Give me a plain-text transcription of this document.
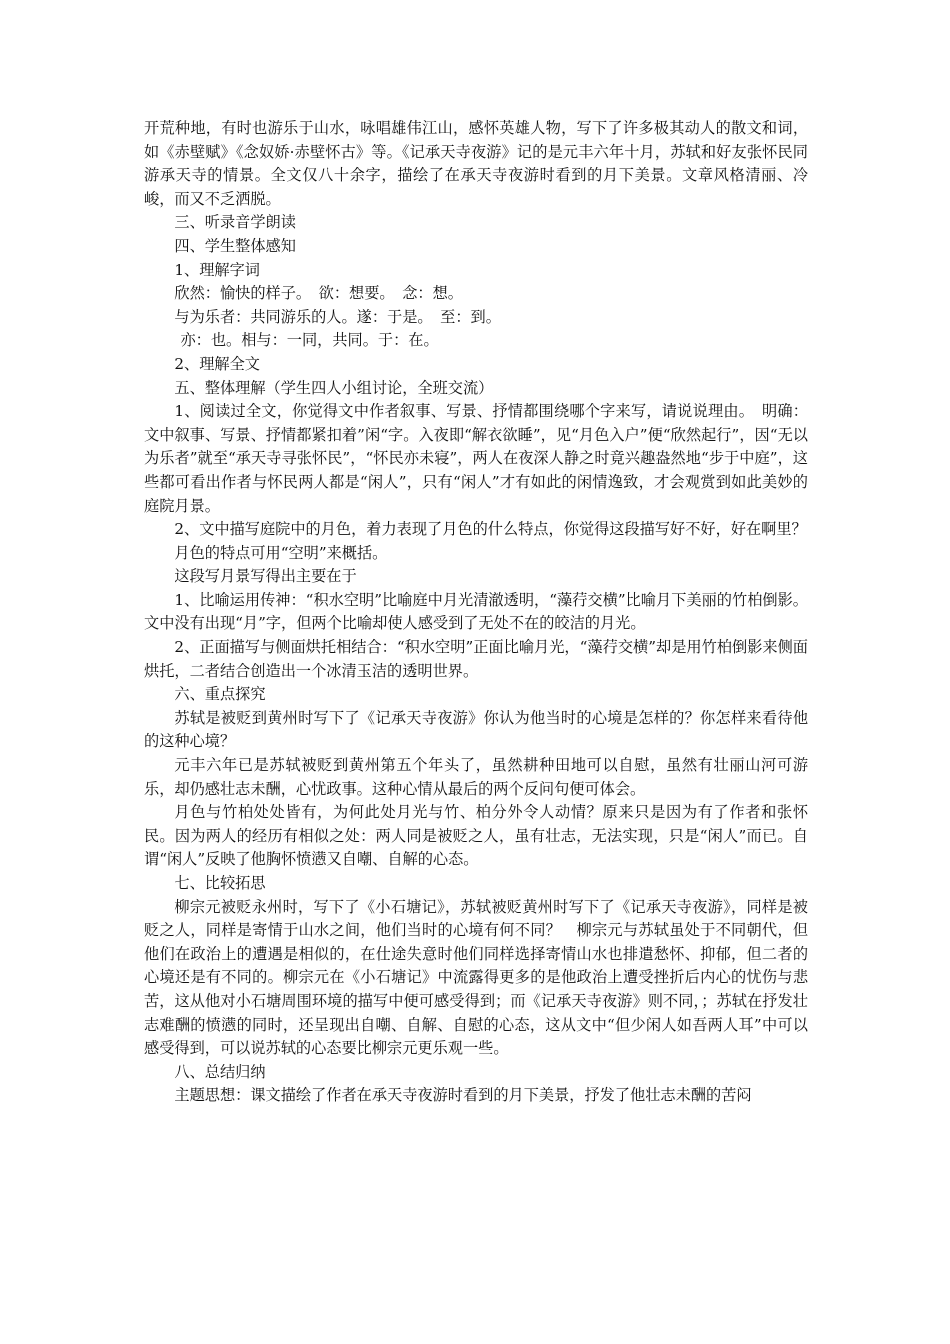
开荒种地，有时也游乐于山水，咏唱雄伟江山，感怀英雄人物，写下了许多极其动人的散文和词，如《赤壁赋》《念奴娇·赤壁怀古》等。《记承天寺夜游》记的是元丰六年十月，苏轼和好友张怀民同游承天寺的情景。全文仅八十余字，描绘了在承天寺夜游时看到的月下美景。文章风格清丽、冷峻，而又不乏洒脱。

三、听录音学朗读

四、学生整体感知

1、理解字词

欣然：愉快的样子。　欲：想要。　念：想。

与为乐者：共同游乐的人。遂：于是。　至：到。

亦：也。相与：一同，共同。于：在。

2、理解全文

五、整体理解（学生四人小组讨论，全班交流）

1、阅读过全文，你觉得文中作者叙事、写景、抒情都围绕哪个字来写，请说说理由。　明确：文中叙事、写景、抒情都紧扣着”闲“字。入夜即“解衣欲睡”，见“月色入户”便“欣然起行”，因“无以为乐者”就至“承天寺寻张怀民”，“怀民亦未寝”，两人在夜深人静之时竟兴趣盎然地“步于中庭”，这些都可看出作者与怀民两人都是“闲人”，只有“闲人”才有如此的闲情逸致，才会观赏到如此美妙的庭院月景。

2、文中描写庭院中的月色，着力表现了月色的什么特点，你觉得这段描写好不好，好在啊里？

月色的特点可用“空明”来概括。

这段写月景写得出主要在于

1、比喻运用传神：“积水空明”比喻庭中月光清澈透明，“藻荇交横”比喻月下美丽的竹柏倒影。文中没有出现“月”字，但两个比喻却使人感受到了无处不在的皎洁的月光。

2、正面描写与侧面烘托相结合：“积水空明”正面比喻月光，“藻荇交横”却是用竹柏倒影来侧面烘托，二者结合创造出一个冰清玉洁的透明世界。

六、重点探究

苏轼是被贬到黄州时写下了《记承天寺夜游》你认为他当时的心境是怎样的？你怎样来看待他的这种心境？

元丰六年已是苏轼被贬到黄州第五个年头了，虽然耕种田地可以自慰，虽然有壮丽山河可游乐，却仍感壮志未酬，心忧政事。这种心情从最后的两个反问句便可体会。

月色与竹柏处处皆有，为何此处月光与竹、柏分外令人动情？原来只是因为有了作者和张怀民。因为两人的经历有相似之处：两人同是被贬之人，虽有壮志，无法实现，只是“闲人”而已。自谓“闲人”反映了他胸怀愤懑又自嘲、自解的心态。

七、比较拓思

柳宗元被贬永州时，写下了《小石塘记》，苏轼被贬黄州时写下了《记承天寺夜游》，同样是被贬之人，同样是寄情于山水之间，他们当时的心境有何不同？　柳宗元与苏轼虽处于不同朝代，但他们在政治上的遭遇是相似的，在仕途失意时他们同样选择寄情山水也排遣愁怀、抑郁，但二者的心境还是有不同的。柳宗元在《小石塘记》中流露得更多的是他政治上遭受挫折后内心的忧伤与悲苦，这从他对小石塘周围环境的描写中便可感受得到；而《记承天寺夜游》则不同，；苏轼在抒发壮志难酬的愤懑的同时，还呈现出自嘲、自解、自慰的心态，这从文中“但少闲人如吾两人耳”中可以感受得到，可以说苏轼的心态要比柳宗元更乐观一些。

八、总结归纳

主题思想：课文描绘了作者在承天寺夜游时看到的月下美景，抒发了他壮志未酬的苦闷
